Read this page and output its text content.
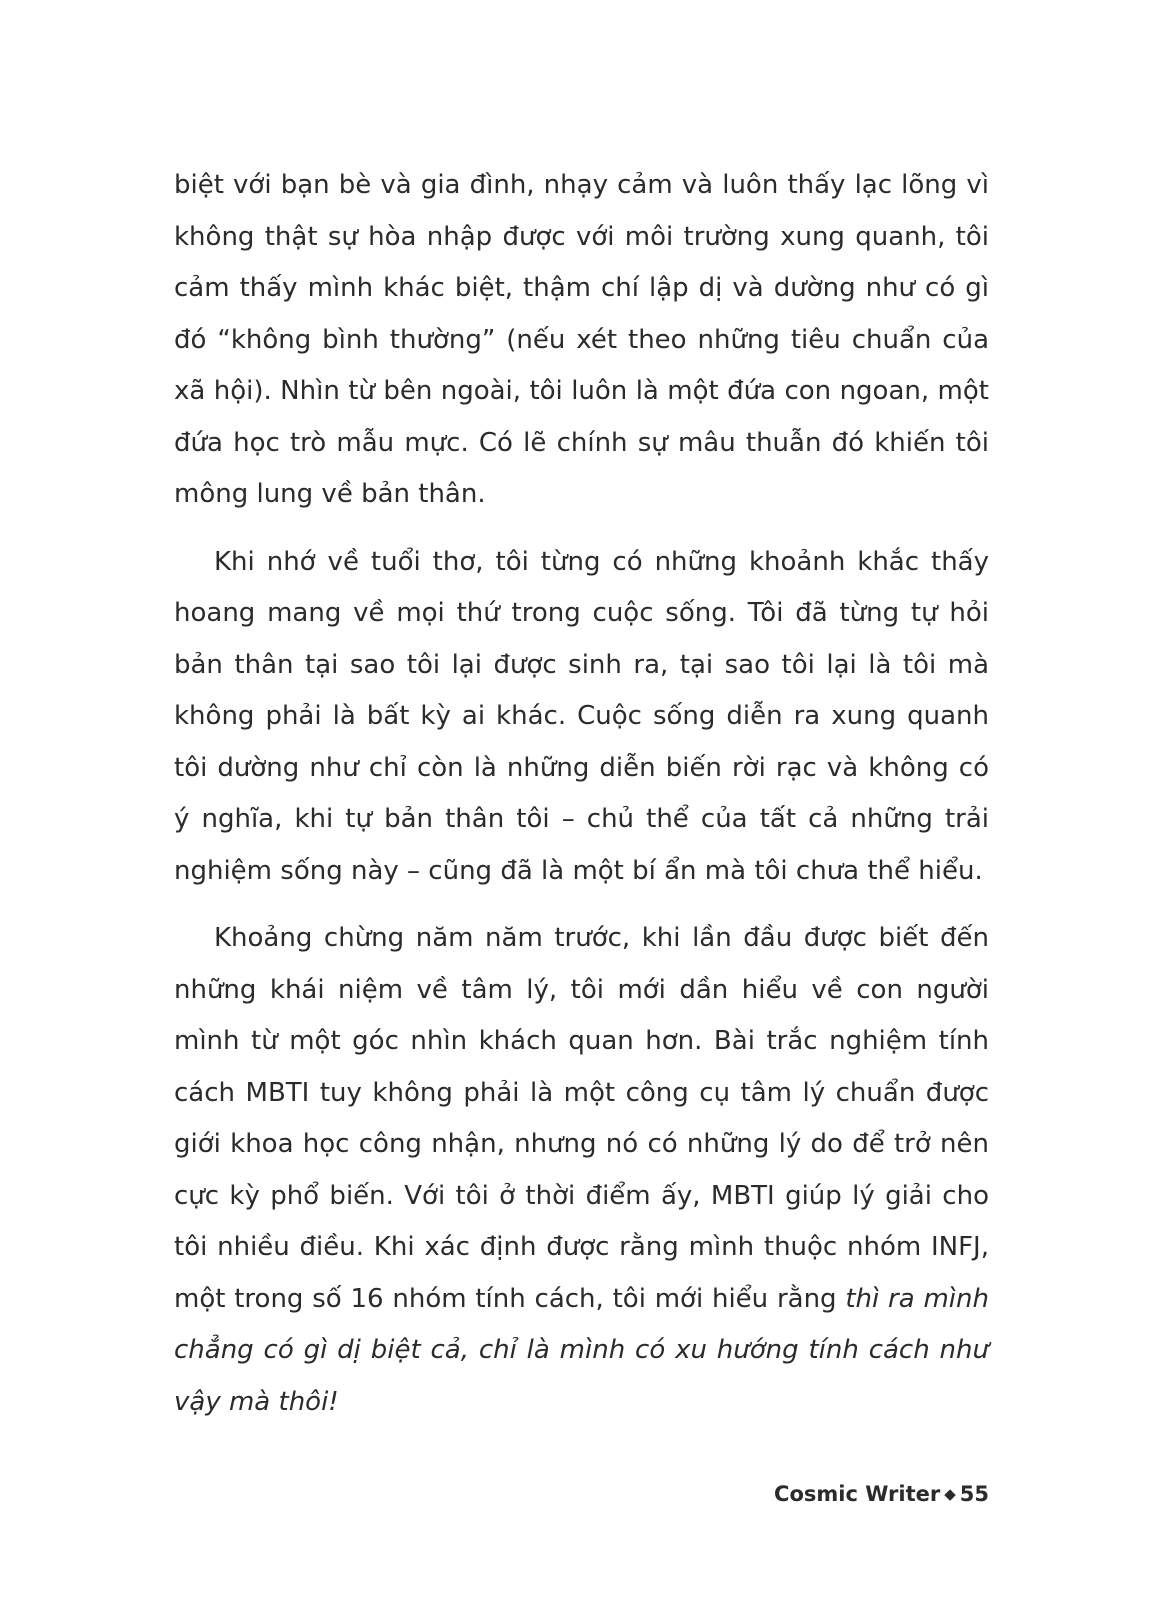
biệt với bạn bè và gia đình, nhạy cảm và luôn thấy lạc lõng vì không thật sự hòa nhập được với môi trường xung quanh, tôi cảm thấy mình khác biệt, thậm chí lập dị và dường như có gì đó “không bình thường” (nếu xét theo những tiêu chuẩn của xã hội). Nhìn từ bên ngoài, tôi luôn là một đứa con ngoan, một đứa học trò mẫu mực. Có lẽ chính sự mâu thuẫn đó khiến tôi mông lung về bản thân.

Khi nhớ về tuổi thơ, tôi từng có những khoảnh khắc thấy hoang mang về mọi thứ trong cuộc sống. Tôi đã từng tự hỏi bản thân tại sao tôi lại được sinh ra, tại sao tôi lại là tôi mà không phải là bất kỳ ai khác. Cuộc sống diễn ra xung quanh tôi dường như chỉ còn là những diễn biến rời rạc và không có ý nghĩa, khi tự bản thân tôi – chủ thể của tất cả những trải nghiệm sống này – cũng đã là một bí ẩn mà tôi chưa thể hiểu.

Khoảng chừng năm năm trước, khi lần đầu được biết đến những khái niệm về tâm lý, tôi mới dần hiểu về con người mình từ một góc nhìn khách quan hơn. Bài trắc nghiệm tính cách MBTI tuy không phải là một công cụ tâm lý chuẩn được giới khoa học công nhận, nhưng nó có những lý do để trở nên cực kỳ phổ biến. Với tôi ở thời điểm ấy, MBTI giúp lý giải cho tôi nhiều điều. Khi xác định được rằng mình thuộc nhóm INFJ, một trong số 16 nhóm tính cách, tôi mới hiểu rằng thì ra mình chẳng có gì dị biệt cả, chỉ là mình có xu hướng tính cách như vậy mà thôi!

Cosmic Writer ◆ 55
